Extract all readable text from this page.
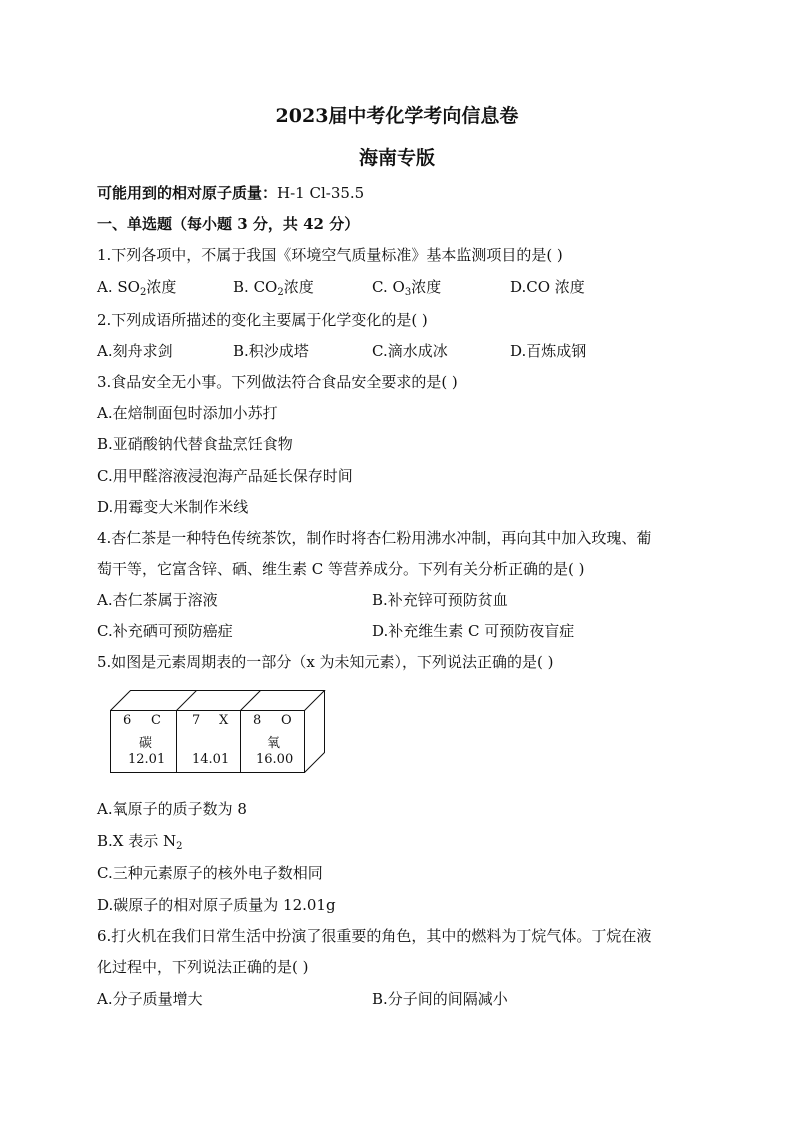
2023届中考化学考向信息卷
海南专版
可能用到的相对原子质量：H-1 Cl-35.5
一、单选题（每小题 3 分，共 42 分）
1.下列各项中，不属于我国《环境空气质量标准》基本监测项目的是( )
A. $SO_2$浓度	B. $CO_2$浓度	C. $O_3$浓度	D.CO 浓度
2.下列成语所描述的变化主要属于化学变化的是( )
A.刻舟求剑	B.积沙成塔	C.滴水成冰	D.百炼成钢
3.食品安全无小事。下列做法符合食品安全要求的是( )
A.在焙制面包时添加小苏打
B.亚硝酸钠代替食盐烹饪食物
C.用甲醛溶液浸泡海产品延长保存时间
D.用霉变大米制作米线
4.杏仁茶是一种特色传统茶饮，制作时将杏仁粉用沸水冲制，再向其中加入玫瑰、葡
萄干等，它富含锌、硒、维生素 C 等营养成分。下列有关分析正确的是( )
A.杏仁茶属于溶液	B.补充锌可预防贫血
C.补充硒可预防癌症	D.补充维生素 C 可预防夜盲症
5.如图是元素周期表的一部分（x 为未知元素），下列说法正确的是( )
6 C
碳
12.01
7 X
14.01
8 O
氧
16.00
A.氧原子的质子数为 8
B.X 表示 $N_2$
C.三种元素原子的核外电子数相同
D.碳原子的相对原子质量为 12.01g
6.打火机在我们日常生活中扮演了很重要的角色，其中的燃料为丁烷气体。丁烷在液
化过程中，下列说法正确的是( )
A.分子质量增大	B.分子间的间隔减小
